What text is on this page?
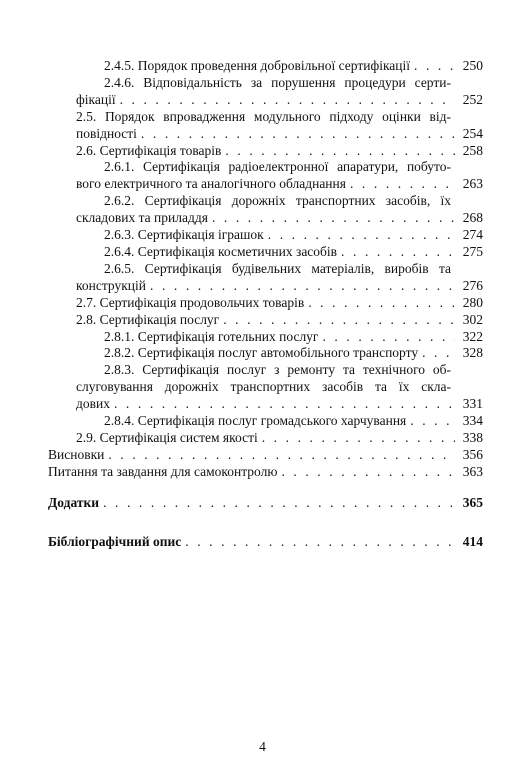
2.4.5. Порядок проведення добровільної сертифікації . . .	250
2.4.6. Відповідальність за порушення процедури серти-
фікації . . .	252
2.5. Порядок впровадження модульного підходу оцінки від-
повідності . . .	254
2.6. Сертифікація товарів . . .	258
2.6.1. Сертифікація радіоелектронної апаратури, побуто-
вого електричного та аналогічного обладнання . . .	263
2.6.2. Сертифікація дорожніх транспортних засобів, їх
складових та приладдя . . .	268
2.6.3. Сертифікація іграшок . . .	274
2.6.4. Сертифікація косметичних засобів . . .	275
2.6.5. Сертифікація будівельних матеріалів, виробів та
конструкцій . . .	276
2.7. Сертифікація продовольчих товарів . . .	280
2.8. Сертифікація послуг . . .	302
2.8.1. Сертифікація готельних послуг . . .	322
2.8.2. Сертифікація послуг автомобільного транспорту . . .	328
2.8.3. Сертифікація послуг з ремонту та технічного об-
слуговування дорожніх транспортних засобів та їх скла-
дових . . .	331
2.8.4. Сертифікація послуг громадського харчування . . .	334
2.9. Сертифікація систем якості . . .	338
Висновки . . .	356
Питання та завдання для самоконтролю . . .	363
Додатки . . .	365
Бібліографічний опис . . .	414
4
